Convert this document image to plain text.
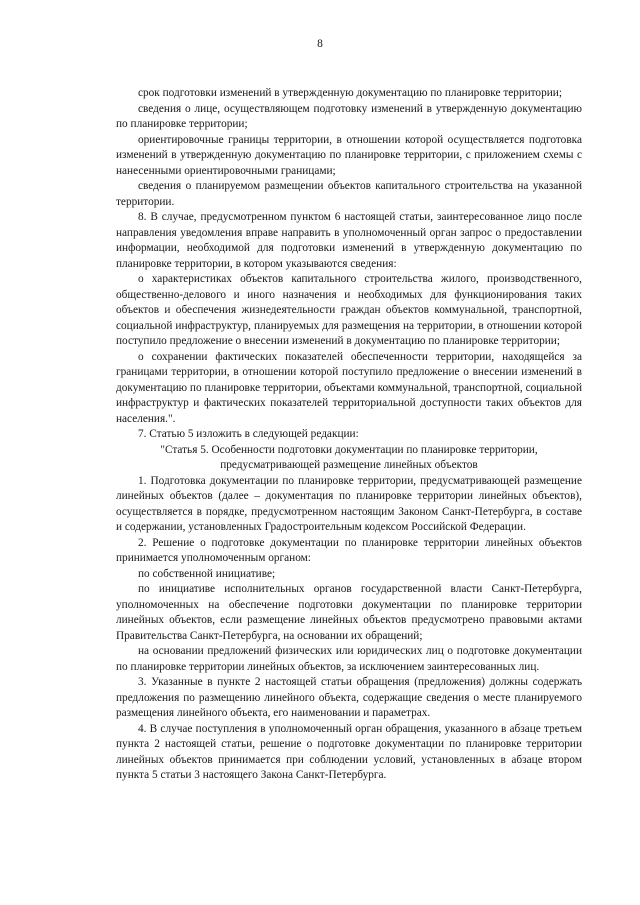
8

срок подготовки изменений в утвержденную документацию по планировке территории;

сведения о лице, осуществляющем подготовку изменений в утвержденную документацию по планировке территории;

ориентировочные границы территории, в отношении которой осуществляется подготовка изменений в утвержденную документацию по планировке территории, с приложением схемы с нанесенными ориентировочными границами;

сведения о планируемом размещении объектов капитального строительства на указанной территории.

8. В случае, предусмотренном пунктом 6 настоящей статьи, заинтересованное лицо после направления уведомления вправе направить в уполномоченный орган запрос о предоставлении информации, необходимой для подготовки изменений в утвержденную документацию по планировке территории, в котором указываются сведения:

о характеристиках объектов капитального строительства жилого, производственного, общественно-делового и иного назначения и необходимых для функционирования таких объектов и обеспечения жизнедеятельности граждан объектов коммунальной, транспортной, социальной инфраструктур, планируемых для размещения на территории, в отношении которой поступило предложение о внесении изменений в документацию по планировке территории;

о сохранении фактических показателей обеспеченности территории, находящейся за границами территории, в отношении которой поступило предложение о внесении изменений в документацию по планировке территории, объектами коммунальной, транспортной, социальной инфраструктур и фактических показателей территориальной доступности таких объектов для населения.".

7. Статью 5 изложить в следующей редакции:

"Статья 5. Особенности подготовки документации по планировке территории,
предусматривающей размещение линейных объектов

1. Подготовка документации по планировке территории, предусматривающей размещение линейных объектов (далее – документация по планировке территории линейных объектов), осуществляется в порядке, предусмотренном настоящим Законом Санкт-Петербурга, в составе и содержании, установленных Градостроительным кодексом Российской Федерации.

2. Решение о подготовке документации по планировке территории линейных объектов принимается уполномоченным органом:

по собственной инициативе;

по инициативе исполнительных органов государственной власти Санкт-Петербурга, уполномоченных на обеспечение подготовки документации по планировке территории линейных объектов, если размещение линейных объектов предусмотрено правовыми актами Правительства Санкт-Петербурга, на основании их обращений;

на основании предложений физических или юридических лиц о подготовке документации по планировке территории линейных объектов, за исключением заинтересованных лиц.

3. Указанные в пункте 2 настоящей статьи обращения (предложения) должны содержать предложения по размещению линейного объекта, содержащие сведения о месте планируемого размещения линейного объекта, его наименовании и параметрах.

4. В случае поступления в уполномоченный орган обращения, указанного в абзаце третьем пункта 2 настоящей статьи, решение о подготовке документации по планировке территории линейных объектов принимается при соблюдении условий, установленных в абзаце втором пункта 5 статьи 3 настоящего Закона Санкт-Петербурга.
